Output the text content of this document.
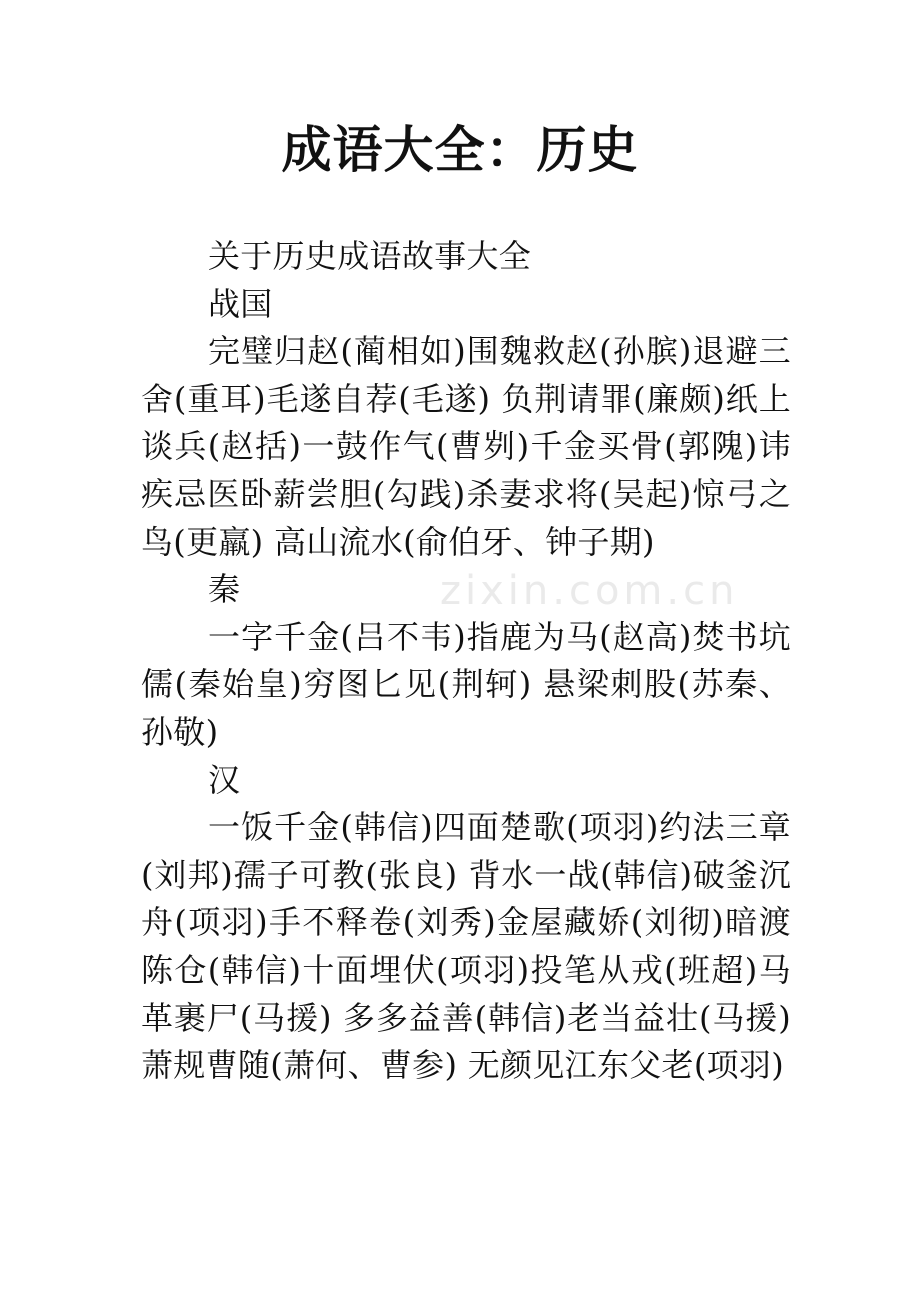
zixin.com.cn
成语大全：历史

关于历史成语故事大全

战国

完璧归赵(蔺相如)围魏救赵(孙膑)退避三舍(重耳)毛遂自荐(毛遂) 负荆请罪(廉颇)纸上谈兵(赵括)一鼓作气(曹刿)千金买骨(郭隗)讳疾忌医卧薪尝胆(勾践)杀妻求将(吴起)惊弓之鸟(更羸) 高山流水(俞伯牙、钟子期)

秦

一字千金(吕不韦)指鹿为马(赵高)焚书坑儒(秦始皇)穷图匕见(荆轲) 悬梁刺股(苏秦、孙敬)

汉

一饭千金(韩信)四面楚歌(项羽)约法三章(刘邦)孺子可教(张良) 背水一战(韩信)破釜沉舟(项羽)手不释卷(刘秀)金屋藏娇(刘彻)暗渡陈仓(韩信)十面埋伏(项羽)投笔从戎(班超)马革裹尸(马援) 多多益善(韩信)老当益壮(马援)萧规曹随(萧何、曹参) 无颜见江东父老(项羽)
